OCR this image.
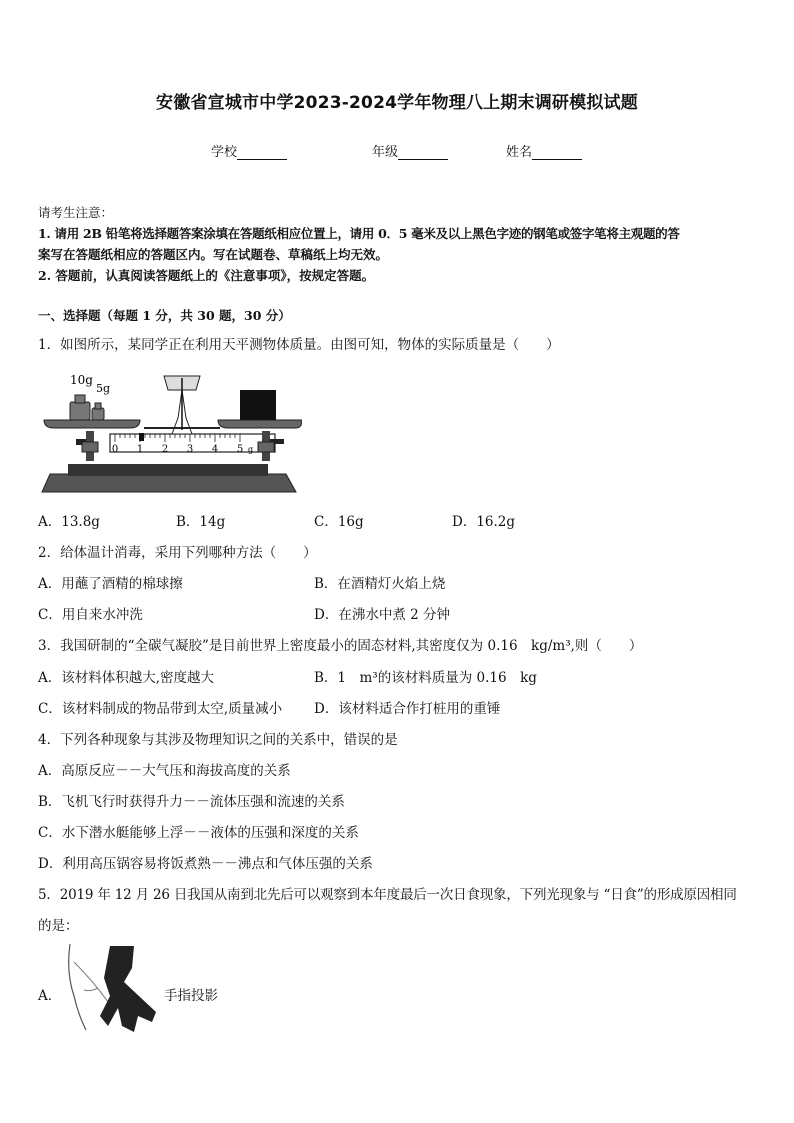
安徽省宣城市中学2023-2024学年物理八上期末调研模拟试题
学校	年级	姓名
请考生注意：
1. 请用 2B 铅笔将选择题答案涂填在答题纸相应位置上，请用 0．5 毫米及以上黑色字迹的钢笔或签字笔将主观题的答
案写在答题纸相应的答题区内。写在试题卷、草稿纸上均无效。
2. 答题前，认真阅读答题纸上的《注意事项》，按规定答题。
一、选择题（每题 1 分，共 30 题，30 分）
1．如图所示，某同学正在利用天平测物体质量。由图可知，物体的实际质量是（　　）
0 1 2 3 4 5 g
10g
5g
A．13.8g	B．14g	C．16g	D．16.2g
2．给体温计消毒，采用下列哪种方法（　　）
A．用蘸了酒精的棉球擦	B．在酒精灯火焰上烧
C．用自来水冲洗	D．在沸水中煮 2 分钟
3．我国研制的“全碳气凝胶”是目前世界上密度最小的固态材料,其密度仅为 0.16　kg/m³,则（　　）
A．该材料体积越大,密度越大	B．1　m³的该材料质量为 0.16　kg
C．该材料制成的物品带到太空,质量减小 D．该材料适合作打桩用的重锤
4．下列各种现象与其涉及物理知识之间的关系中，错误的是
A．高原反应－－大气压和海拔高度的关系
B．飞机飞行时获得升力－－流体压强和流速的关系
C．水下潜水艇能够上浮－－液体的压强和深度的关系
D．利用高压锅容易将饭煮熟－－沸点和气体压强的关系
5．2019 年 12 月 26 日我国从南到北先后可以观察到本年度最后一次日食现象，下列光现象与 “日食”的形成原因相同
的是：
A．	手指投影
